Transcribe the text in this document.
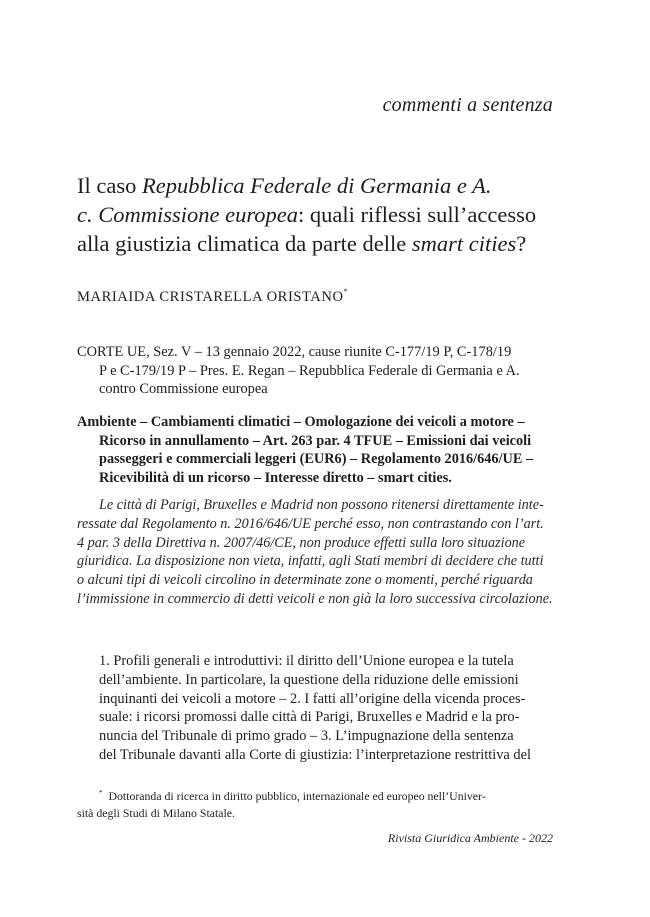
commenti a sentenza
Il caso Repubblica Federale di Germania e A.
c. Commissione europea: quali riflessi sull’accesso
alla giustizia climatica da parte delle smart cities?
MARIAIDA CRISTARELLA ORISTANO*
CORTE UE, Sez. V – 13 gennaio 2022, cause riunite C-177/19 P, C-178/19
P e C-179/19 P – Pres. E. Regan – Repubblica Federale di Germania e A.
contro Commissione europea
Ambiente – Cambiamenti climatici – Omologazione dei veicoli a motore –
Ricorso in annullamento – Art. 263 par. 4 TFUE – Emissioni dai veicoli
passeggeri e commerciali leggeri (EUR6) – Regolamento 2016/646/UE –
Ricevibilità di un ricorso – Interesse diretto – smart cities.
Le città di Parigi, Bruxelles e Madrid non possono ritenersi direttamente inte-
ressate dal Regolamento n. 2016/646/UE perché esso, non contrastando con l’art.
4 par. 3 della Direttiva n. 2007/46/CE, non produce effetti sulla loro situazione
giuridica. La disposizione non vieta, infatti, agli Stati membri di decidere che tutti
o alcuni tipi di veicoli circolino in determinate zone o momenti, perché riguarda
l’immissione in commercio di detti veicoli e non già la loro successiva circolazione.
1. Profili generali e introduttivi: il diritto dell’Unione europea e la tutela
dell’ambiente. In particolare, la questione della riduzione delle emissioni
inquinanti dei veicoli a motore – 2. I fatti all’origine della vicenda proces-
suale: i ricorsi promossi dalle città di Parigi, Bruxelles e Madrid e la pro-
nuncia del Tribunale di primo grado – 3. L’impugnazione della sentenza
del Tribunale davanti alla Corte di giustizia: l’interpretazione restrittiva del
* Dottoranda di ricerca in diritto pubblico, internazionale ed europeo nell’Univer-
sità degli Studi di Milano Statale.
Rivista Giuridica Ambiente - 2022
